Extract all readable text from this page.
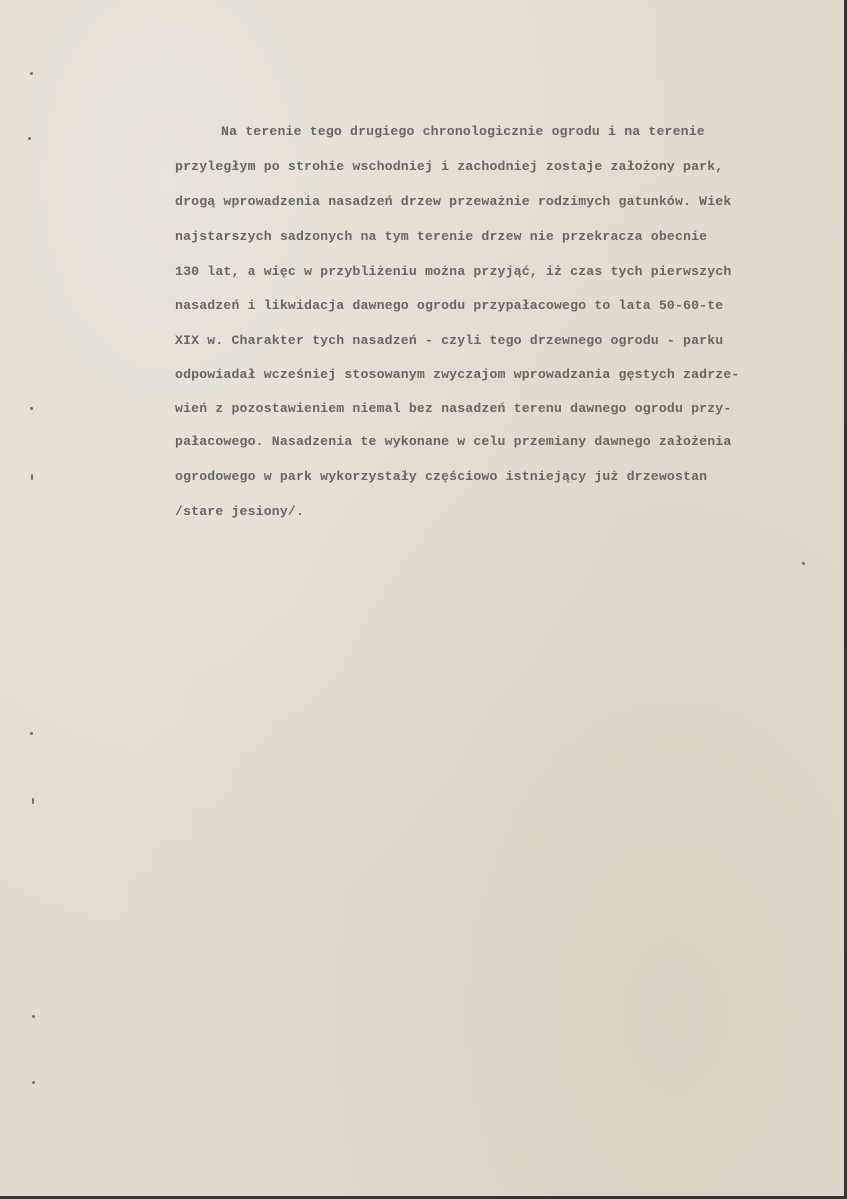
Na terenie tego drugiego chronologicznie ogrodu i na terenie
przyległym po strohie wschodniej i zachodniej zostaje założony park,
drogą wprowadzenia nasadzeń drzew przeważnie rodzimych gatunków. Wiek
najstarszych sadzonych na tym terenie drzew nie przekracza obecnie
130 lat, a więc w przybliżeniu można przyjąć, iż czas tych pierwszych
nasadzeń i likwidacja dawnego ogrodu przypałacowego to lata 50-60-te
XIX w. Charakter tych nasadzeń - czyli tego drzewnego ogrodu - parku
odpowiadał wcześniej stosowanym zwyczajom wprowadzania gęstych zadrze-
wień z pozostawieniem niemal bez nasadzeń terenu dawnego ogrodu przy-
pałacowego. Nasadzenia te wykonane w celu przemiany dawnego założenia
ogrodowego w park wykorzystały częściowo istniejący już drzewostan
/stare jesiony/.
